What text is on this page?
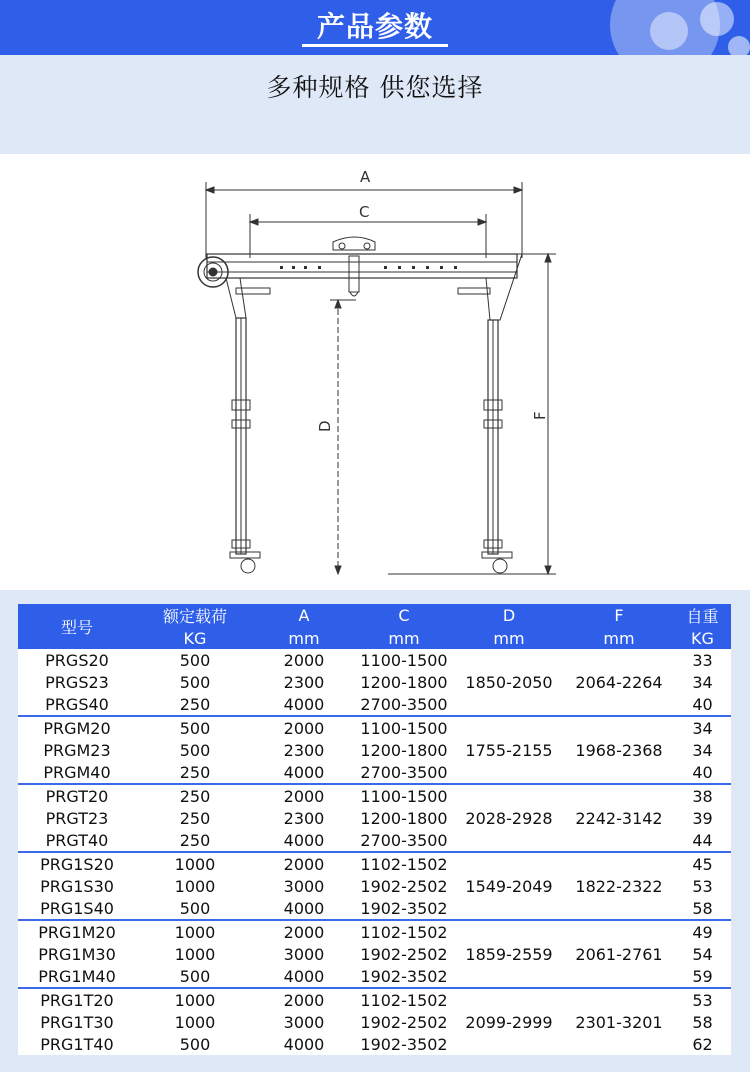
产品参数
多种规格 供您选择
A
C
D
F
型号	额定载荷	A	C	D	F	自重
	KG	mm	mm	mm	mm	KG
PRGS20	500	2000	1100-1500	1850-2050	2064-2264	33
PRGS23	500	2300	1200-1800			34
PRGS40	250	4000	2700-3500			40
PRGM20	500	2000	1100-1500	1755-2155	1968-2368	34
PRGM23	500	2300	1200-1800			34
PRGM40	250	4000	2700-3500			40
PRGT20	250	2000	1100-1500	2028-2928	2242-3142	38
PRGT23	250	2300	1200-1800			39
PRGT40	250	4000	2700-3500			44
PRG1S20	1000	2000	1102-1502	1549-2049	1822-2322	45
PRG1S30	1000	3000	1902-2502			53
PRG1S40	500	4000	1902-3502			58
PRG1M20	1000	2000	1102-1502	1859-2559	2061-2761	49
PRG1M30	1000	3000	1902-2502			54
PRG1M40	500	4000	1902-3502			59
PRG1T20	1000	2000	1102-1502	2099-2999	2301-3201	53
PRG1T30	1000	3000	1902-2502			58
PRG1T40	500	4000	1902-3502			62
